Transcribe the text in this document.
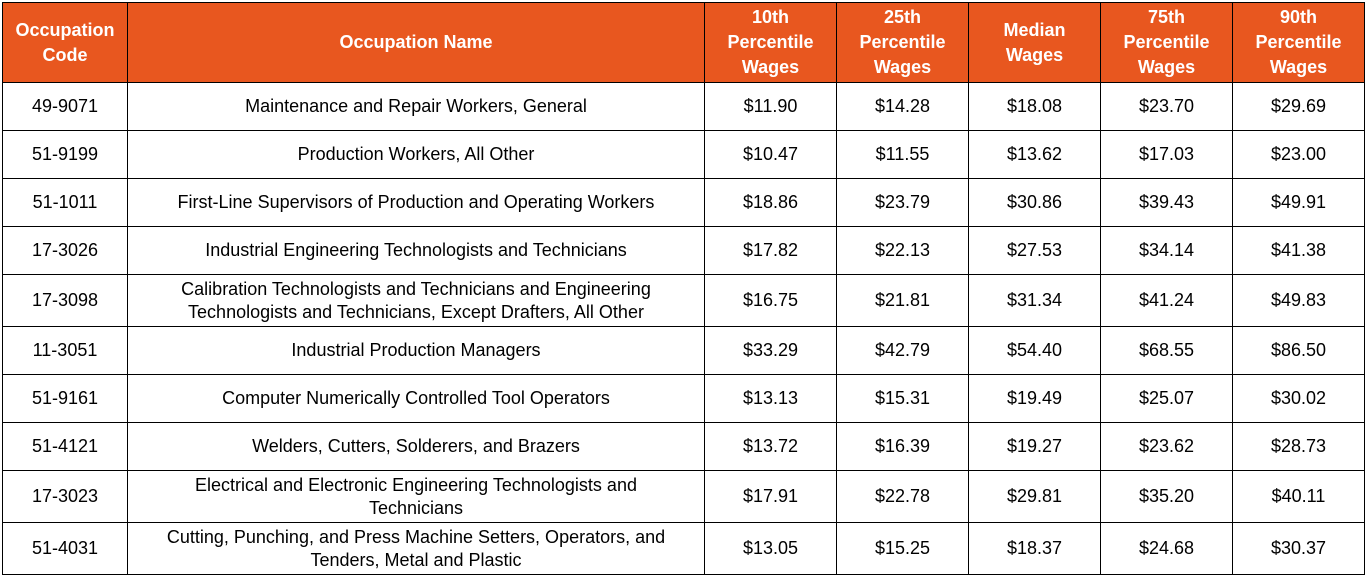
Occupation
Code	Occupation Name	10th
Percentile
Wages	25th
Percentile
Wages	Median
Wages	75th
Percentile
Wages	90th
Percentile
Wages
49-9071	Maintenance and Repair Workers, General	$11.90	$14.28	$18.08	$23.70	$29.69
51-9199	Production Workers, All Other	$10.47	$11.55	$13.62	$17.03	$23.00
51-1011	First-Line Supervisors of Production and Operating Workers	$18.86	$23.79	$30.86	$39.43	$49.91
17-3026	Industrial Engineering Technologists and Technicians	$17.82	$22.13	$27.53	$34.14	$41.38
17-3098	Calibration Technologists and Technicians and Engineering
Technologists and Technicians, Except Drafters, All Other	$16.75	$21.81	$31.34	$41.24	$49.83
11-3051	Industrial Production Managers	$33.29	$42.79	$54.40	$68.55	$86.50
51-9161	Computer Numerically Controlled Tool Operators	$13.13	$15.31	$19.49	$25.07	$30.02
51-4121	Welders, Cutters, Solderers, and Brazers	$13.72	$16.39	$19.27	$23.62	$28.73
17-3023	Electrical and Electronic Engineering Technologists and
Technicians	$17.91	$22.78	$29.81	$35.20	$40.11
51-4031	Cutting, Punching, and Press Machine Setters, Operators, and
Tenders, Metal and Plastic	$13.05	$15.25	$18.37	$24.68	$30.37
